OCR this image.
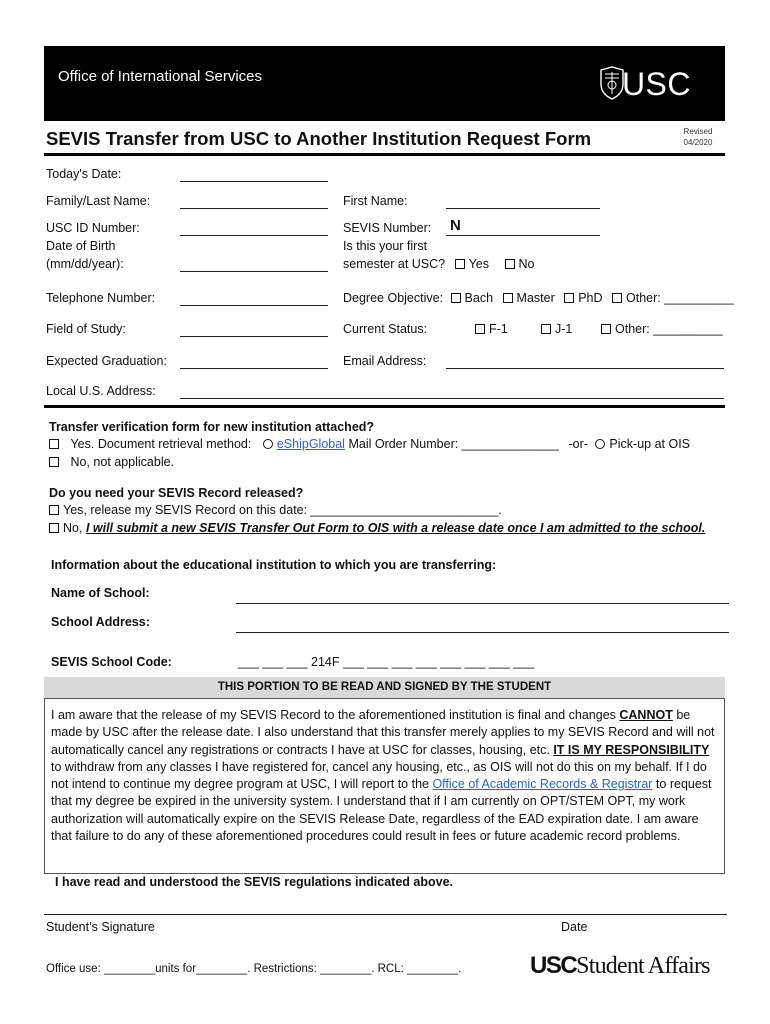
Office of International Services	USC
SEVIS Transfer from USC to Another Institution Request Form	Revised
04/2020
Today's Date:
Family/Last Name:	First Name:
USC ID Number:	SEVIS Number: N
Date of Birth
(mm/dd/year):
Is this your first
semester at USC? Yes No
Telephone Number:	Degree Objective: Bach Master PhD Other: __________
Field of Study:	Current Status:	F-1	J-1	Other: __________
Expected Graduation:	Email Address:
Local U.S. Address:
Transfer verification form for new institution attached?
Yes. Document retrieval method: eShipGlobal Mail Order Number: ______________ -or- Pick-up at OIS
No, not applicable.
Do you need your SEVIS Record released?
Yes, release my SEVIS Record on this date: ___________________________.
No, I will submit a new SEVIS Transfer Out Form to OIS with a release date once I am admitted to the school.
Information about the educational institution to which you are transferring:
Name of School:
School Address:
SEVIS School Code:	___ ___ ___ 214F ___ ___ ___ ___ ___ ___ ___ ___
THIS PORTION TO BE READ AND SIGNED BY THE STUDENT

I am aware that the release of my SEVIS Record to the aforementioned institution is final and changes CANNOT be made by USC after the release date. I also understand that this transfer merely applies to my SEVIS Record and will not automatically cancel any registrations or contracts I have at USC for classes, housing, etc. IT IS MY RESPONSIBILITY to withdraw from any classes I have registered for, cancel any housing, etc., as OIS will not do this on my behalf. If I do not intend to continue my degree program at USC, I will report to the Office of Academic Records & Registrar to request that my degree be expired in the university system. I understand that if I am currently on OPT/STEM OPT, my work authorization will automatically expire on the SEVIS Release Date, regardless of the EAD expiration date. I am aware that failure to do any of these aforementioned procedures could result in fees or future academic record problems.

I have read and understood the SEVIS regulations indicated above.
Student’s Signature	Date
Office use: ________units for________. Restrictions: ________. RCL: ________.	USCStudent Affairs
